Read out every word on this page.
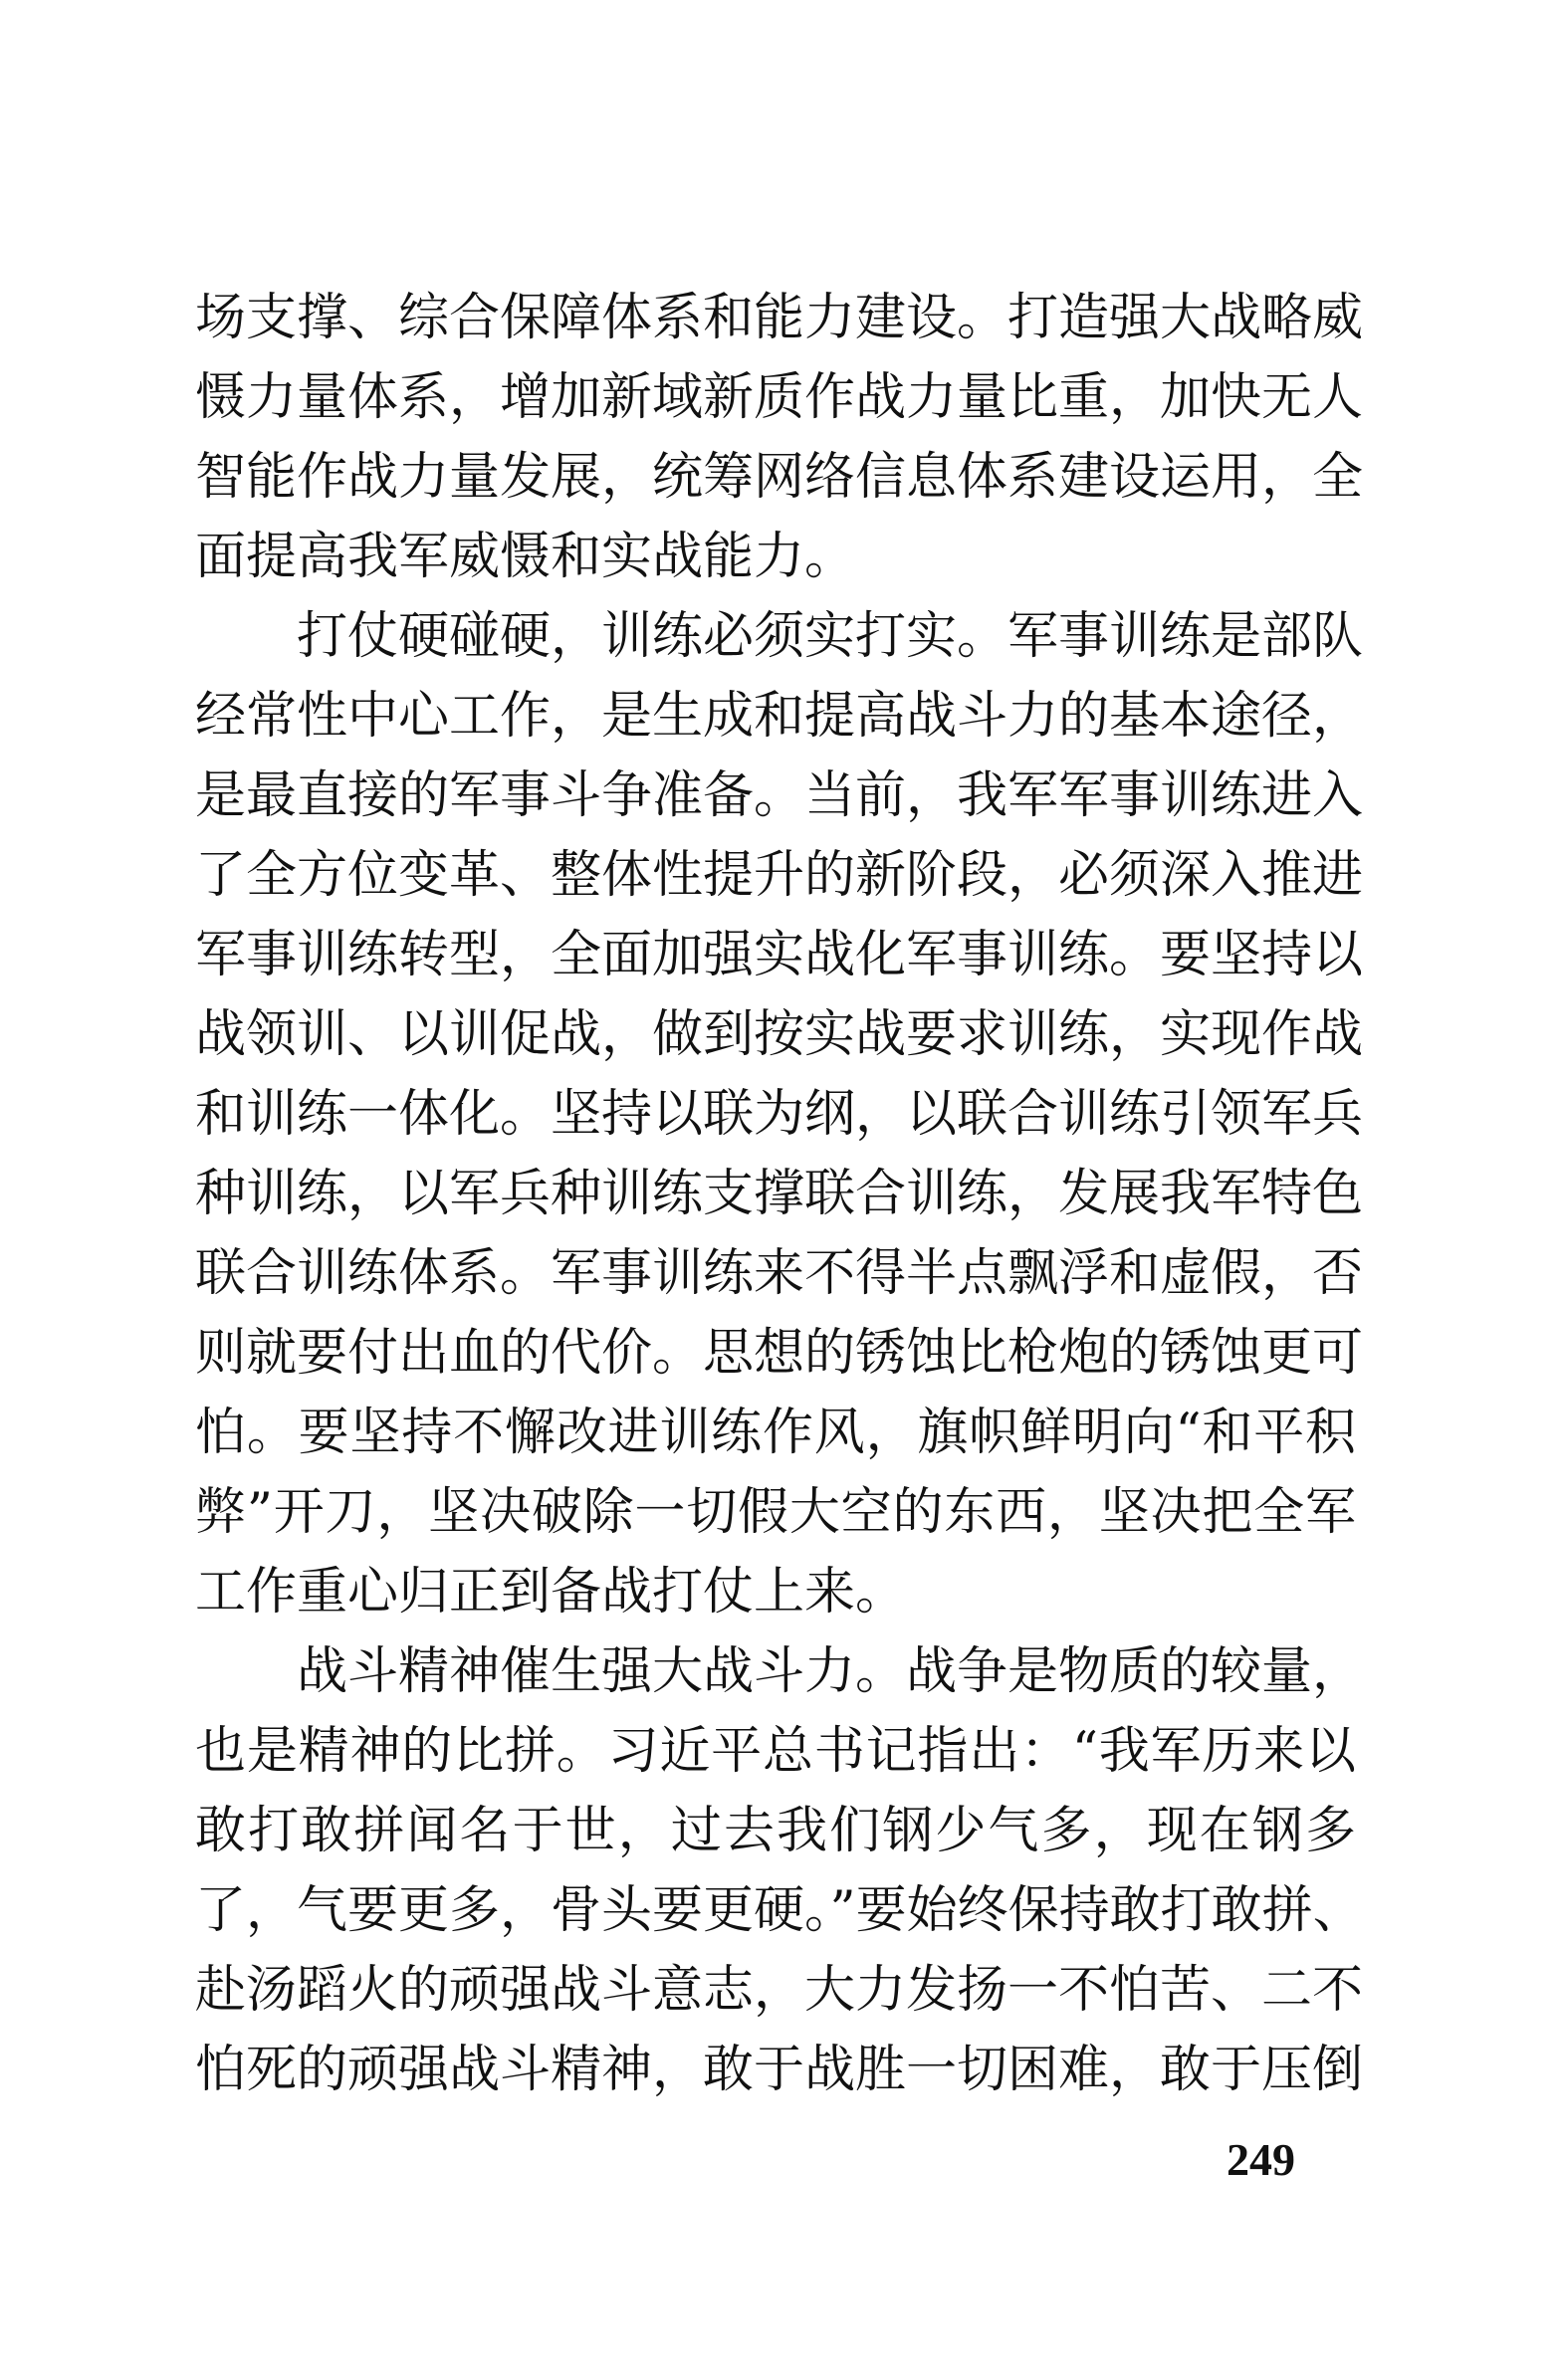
场支撑、综合保障体系和能力建设。打造强大战略威
慑力量体系，增加新域新质作战力量比重，加快无人
智能作战力量发展，统筹网络信息体系建设运用，全
面提高我军威慑和实战能力。
打仗硬碰硬，训练必须实打实。军事训练是部队
经常性中心工作，是生成和提高战斗力的基本途径，
是最直接的军事斗争准备。当前，我军军事训练进入
了全方位变革、整体性提升的新阶段，必须深入推进
军事训练转型，全面加强实战化军事训练。要坚持以
战领训、以训促战，做到按实战要求训练，实现作战
和训练一体化。坚持以联为纲，以联合训练引领军兵
种训练，以军兵种训练支撑联合训练，发展我军特色
联合训练体系。军事训练来不得半点飘浮和虚假，否
则就要付出血的代价。思想的锈蚀比枪炮的锈蚀更可
怕。要坚持不懈改进训练作风，旗帜鲜明向“和平积
弊”开刀，坚决破除一切假大空的东西，坚决把全军
工作重心归正到备战打仗上来。
战斗精神催生强大战斗力。战争是物质的较量，
也是精神的比拼。习近平总书记指出：“我军历来以
敢打敢拼闻名于世，过去我们钢少气多，现在钢多
了，气要更多，骨头要更硬。”要始终保持敢打敢拼、
赴汤蹈火的顽强战斗意志，大力发扬一不怕苦、二不
怕死的顽强战斗精神，敢于战胜一切困难，敢于压倒
249
